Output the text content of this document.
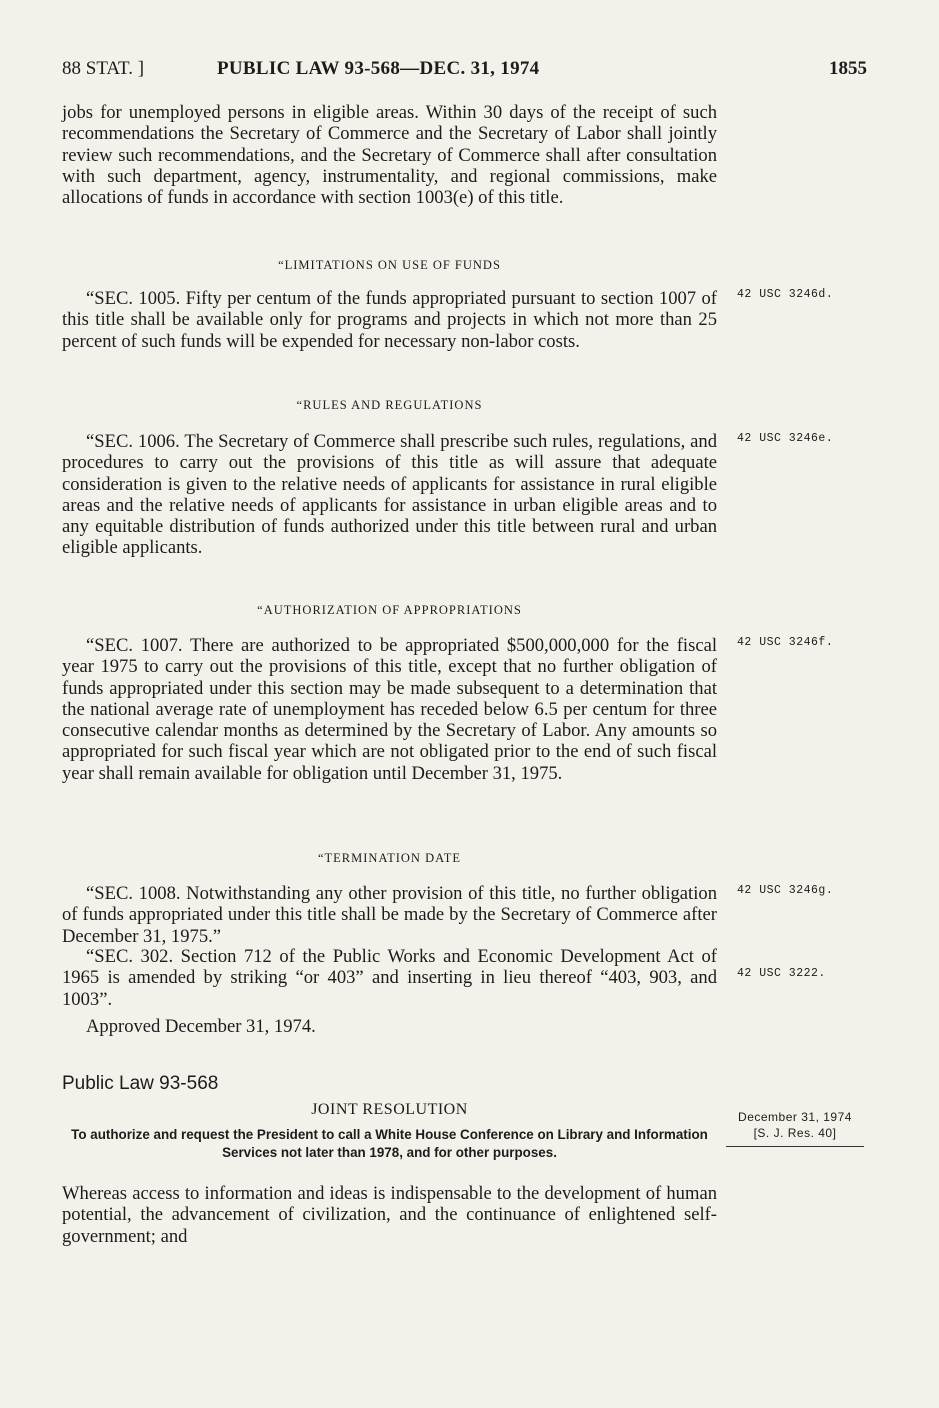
88 STAT. ]	PUBLIC LAW 93-568—DEC. 31, 1974	1855

jobs for unemployed persons in eligible areas. Within 30 days of the receipt of such recommendations the Secretary of Commerce and the Secretary of Labor shall jointly review such recommendations, and the Secretary of Commerce shall after consultation with such department, agency, instrumentality, and regional commissions, make allocations of funds in accordance with section 1003(e) of this title.

“LIMITATIONS ON USE OF FUNDS

“SEC. 1005. Fifty per centum of the funds appropriated pursuant to section 1007 of this title shall be available only for programs and projects in which not more than 25 percent of such funds will be expended for necessary non-labor costs.

42 USC 3246d.

“RULES AND REGULATIONS

“SEC. 1006. The Secretary of Commerce shall prescribe such rules, regulations, and procedures to carry out the provisions of this title as will assure that adequate consideration is given to the relative needs of applicants for assistance in rural eligible areas and the relative needs of applicants for assistance in urban eligible areas and to any equitable distribution of funds authorized under this title between rural and urban eligible applicants.

42 USC 3246e.

“AUTHORIZATION OF APPROPRIATIONS

“SEC. 1007. There are authorized to be appropriated $500,000,000 for the fiscal year 1975 to carry out the provisions of this title, except that no further obligation of funds appropriated under this section may be made subsequent to a determination that the national average rate of unemployment has receded below 6.5 per centum for three consecutive calendar months as determined by the Secretary of Labor. Any amounts so appropriated for such fiscal year which are not obligated prior to the end of such fiscal year shall remain available for obligation until December 31, 1975.

42 USC 3246f.

“TERMINATION DATE

“SEC. 1008. Notwithstanding any other provision of this title, no further obligation of funds appropriated under this title shall be made by the Secretary of Commerce after December 31, 1975.”

42 USC 3246g.

“SEC. 302. Section 712 of the Public Works and Economic Development Act of 1965 is amended by striking “or 403” and inserting in lieu thereof “403, 903, and 1003”.

42 USC 3222.

Approved December 31, 1974.

Public Law 93-568
JOINT RESOLUTION
To authorize and request the President to call a White House Conference on Library and Information Services not later than 1978, and for other purposes.
December 31, 1974
[S. J. Res. 40]

Whereas access to information and ideas is indispensable to the development of human potential, the advancement of civilization, and the continuance of enlightened self-government; and
